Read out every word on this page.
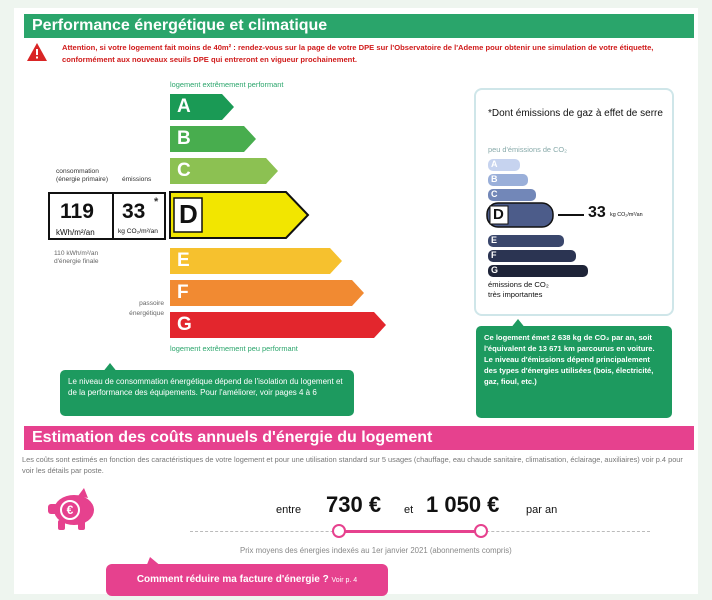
Performance énergétique et climatique
Attention, si votre logement fait moins de 40m² : rendez-vous sur la page de votre DPE sur l'Observatoire de l'Ademe pour obtenir une simulation de votre étiquette, conformément aux nouveaux seuils DPE qui entreront en vigueur prochainement.
logement extrêmement performant
logement extrêmement peu performant
A
B
C
D
E
F
G
consommation (énergie primaire)	émissions
119 33 *
kWh/m²/an	kg CO₂/m²/an
110 kWh/m²/an
d'énergie finale
passoire
énergétique
Le niveau de consommation énergétique dépend de l'isolation du logement et de la performance des équipements. Pour l'améliorer, voir pages 4 à 6
*Dont émissions de gaz à effet de serre
peu d'émissions de CO₂
A
B
C
D
E
F
G
33 kg CO₂/m²/an
émissions de CO₂
très importantes
Ce logement émet 2 638 kg de CO₂ par an, soit l'équivalent de 13 671 km parcourus en voiture. Le niveau d'émissions dépend principalement des types d'énergies utilisées (bois, électricité, gaz, fioul, etc.)
Estimation des coûts annuels d'énergie du logement
Les coûts sont estimés en fonction des caractéristiques de votre logement et pour une utilisation standard sur 5 usages (chauffage, eau chaude sanitaire, climatisation, éclairage, auxiliaires) voir p.4 pour voir les détails par poste.
€	entre 730 € et 1 050 € par an
Prix moyens des énergies indexés au 1er janvier 2021 (abonnements compris)
Comment réduire ma facture d'énergie ? Voir p. 4
